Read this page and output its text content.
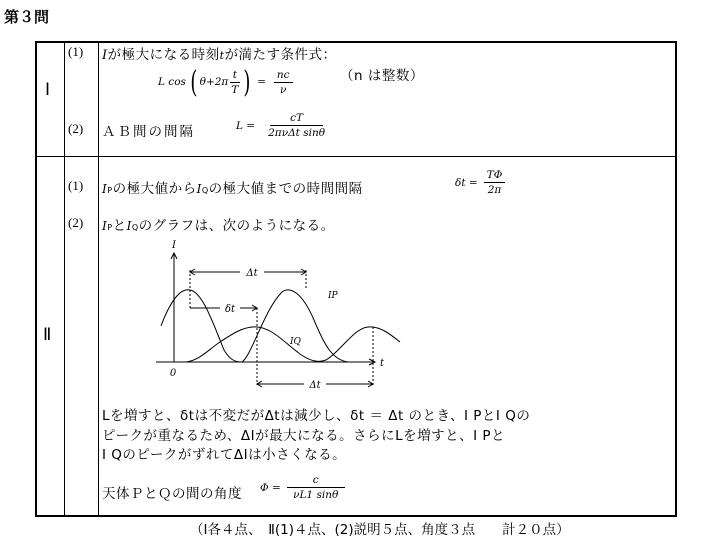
第３問
Ⅰ
(1) Iが極大になる時刻tが満たす条件式：
L cos ( $\theta+2\pi \frac{t}{T}$ ) = $\frac{nc}{\nu}$	（n は整数）
(2) ＡＢ間の間隔	$L = \frac{cT}{\text{2πνΔt sinθ}}$
Ⅱ
(1) IPの極大値からIQの極大値までの時間間隔	$\delta t = \frac{T\Phi}{2\pi}$
(2) IPとIQのグラフは、次のようになる。
I
t
0
IP
IQ
Δt
δt
Δt
Lを増すと、δtは不変だがΔtは減少し、δt ＝ Δt のとき、I PとI Qの
ピークが重なるため、ΔIが最大になる。さらにLを増すと、I Pと
I QのピークがずれてΔIは小さくなる。
天体ＰとＱの間の角度 $\Phi = \frac{c}{\nu L1 \sin\theta}$
（Ⅰ各４点、　Ⅱ(1)４点、(2)説明５点、角度３点　　計２０点）
